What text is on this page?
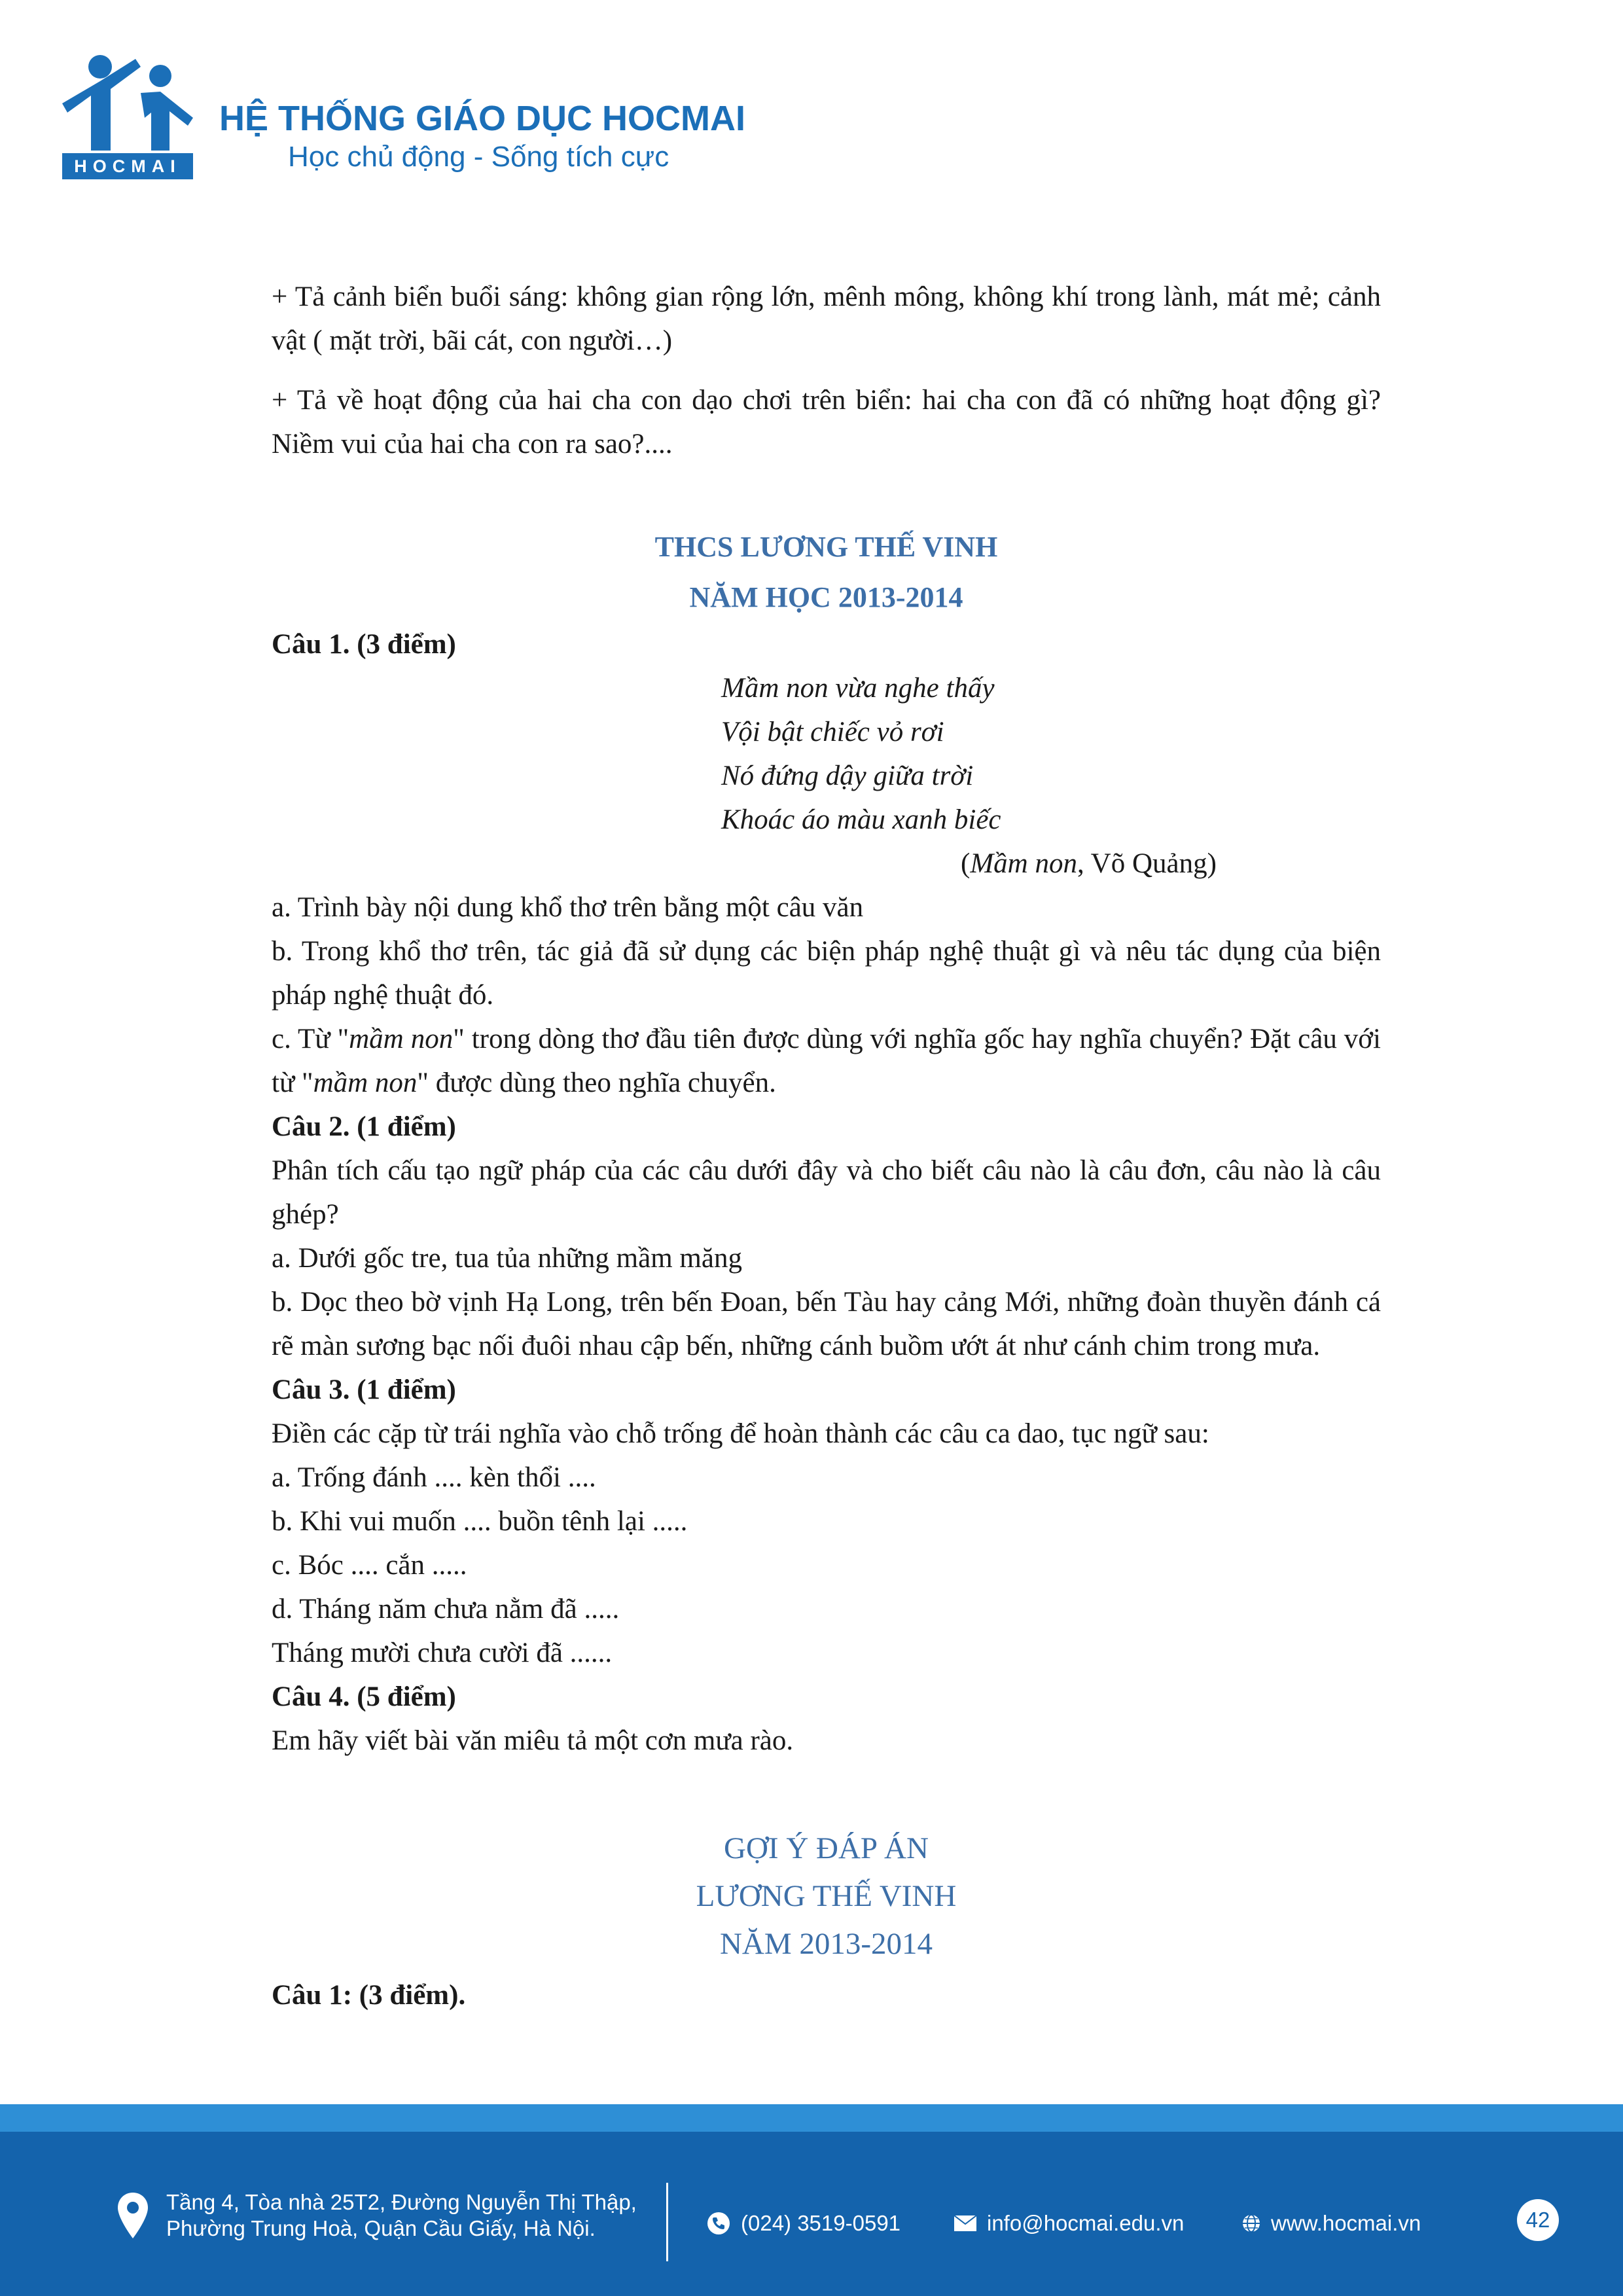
HOCMAI
HỆ THỐNG GIÁO DỤC HOCMAI
Học chủ động - Sống tích cực

+ Tả cảnh biển buổi sáng: không gian rộng lớn, mênh mông, không khí trong lành, mát mẻ; cảnh vật ( mặt trời, bãi cát, con người…)

+ Tả về hoạt động của hai cha con dạo chơi trên biển: hai cha con đã có những hoạt động gì? Niềm vui của hai cha con ra sao?....

THCS LƯƠNG THẾ VINH
NĂM HỌC 2013-2014
Câu 1. (3 điểm)
Mầm non vừa nghe thấy
Vội bật chiếc vỏ rơi
Nó đứng dậy giữa trời
Khoác áo màu xanh biếc
(Mầm non, Võ Quảng)
a. Trình bày nội dung khổ thơ trên bằng một câu văn
b. Trong khổ thơ trên, tác giả đã sử dụng các biện pháp nghệ thuật gì và nêu tác dụng của biện pháp nghệ thuật đó.
c. Từ "mầm non" trong dòng thơ đầu tiên được dùng với nghĩa gốc hay nghĩa chuyển? Đặt câu với từ "mầm non" được dùng theo nghĩa chuyển.
Câu 2. (1 điểm)
Phân tích cấu tạo ngữ pháp của các câu dưới đây và cho biết câu nào là câu đơn, câu nào là câu ghép?
a. Dưới gốc tre, tua tủa những mầm măng
b. Dọc theo bờ vịnh Hạ Long, trên bến Đoan, bến Tàu hay cảng Mới, những đoàn thuyền đánh cá rẽ màn sương bạc nối đuôi nhau cập bến, những cánh buồm ướt át như cánh chim trong mưa.
Câu 3. (1 điểm)
Điền các cặp từ trái nghĩa vào chỗ trống để hoàn thành các câu ca dao, tục ngữ sau:
a. Trống đánh .... kèn thổi ....
b. Khi vui muốn .... buồn tênh lại .....
c. Bóc .... cắn .....
d. Tháng năm chưa nằm đã .....
Tháng mười chưa cười đã ......
Câu 4. (5 điểm)
Em hãy viết bài văn miêu tả một cơn mưa rào.
GỢI Ý ĐÁP ÁN
LƯƠNG THẾ VINH
NĂM 2013-2014
Câu 1: (3 điểm).
Tầng 4, Tòa nhà 25T2, Đường Nguyễn Thị Thập,
Phường Trung Hoà, Quận Cầu Giấy, Hà Nội.	(024) 3519-0591	info@hocmai.edu.vn	www.hocmai.vn	42
